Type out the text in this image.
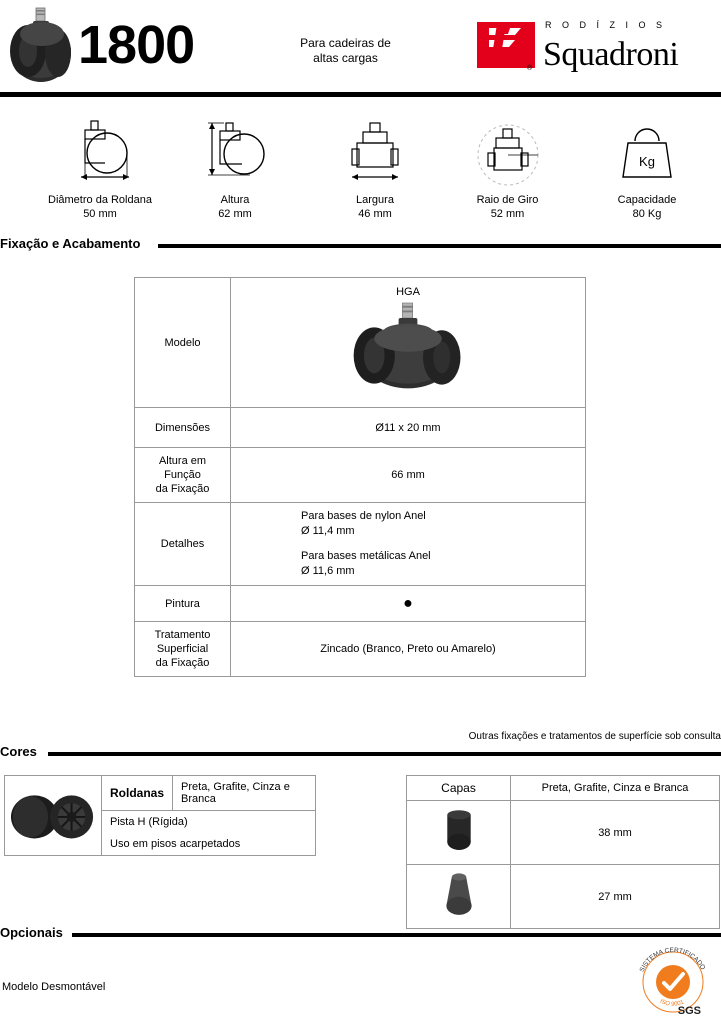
1800	Para cadeiras de
altas cargas
R O D Í Z I O S
Squadroni
®
Diâmetro da Roldana
50 mm
Altura
62 mm
Largura
46 mm
Raio de Giro
52 mm
Kg
Capacidade
80 Kg
Fixação e Acabamento
Modelo	HGA

Dimensões	Ø11 x 20 mm

Altura em
Função
da Fixação	66 mm
Detalhes	Para bases de nylon Anel
Ø 11,4 mm
Para bases metálicas Anel
Ø 11,6 mm

Pintura	●

Tratamento
Superficial
da Fixação	Zincado (Branco, Preto ou Amarelo)
Outras fixações e tratamentos de superfície sob consulta
Cores
	Roldanas	Preta, Grafite, Cinza e Branca
Pista H (Rígida)
Uso em pisos acarpetados
Capas	Preta, Grafite, Cinza e Branca
	38 mm
	27 mm
Opcionais
Modelo Desmontável
SISTEMA CERTIFICADO
ISO 9001
SGS
